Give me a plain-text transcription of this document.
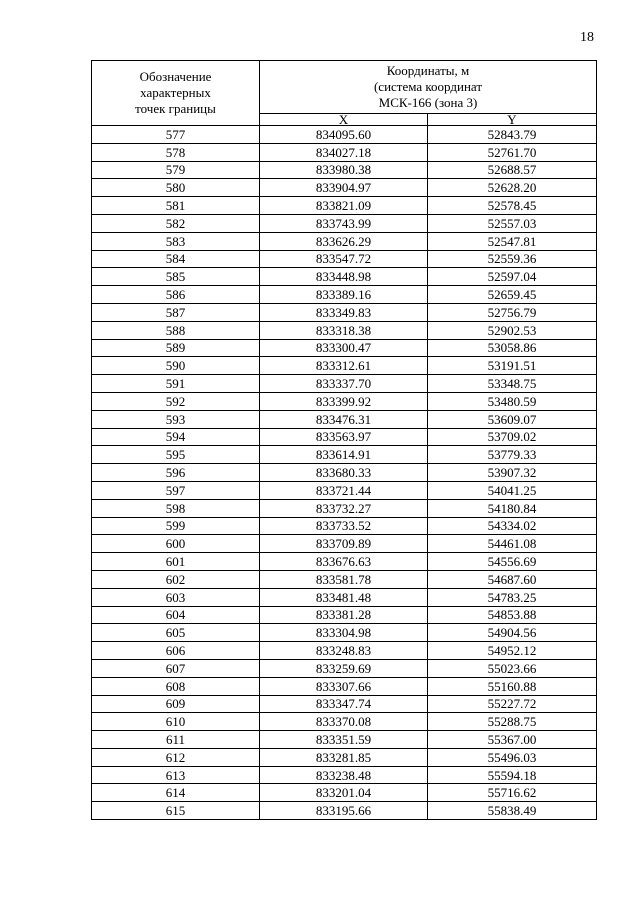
18
Обозначение
характерных
точек границы	Координаты, м
(система координат
МСК-166 (зона 3)	

	X	Y
577	834095.60	52843.79
578	834027.18	52761.70
579	833980.38	52688.57
580	833904.97	52628.20
581	833821.09	52578.45
582	833743.99	52557.03
583	833626.29	52547.81
584	833547.72	52559.36
585	833448.98	52597.04
586	833389.16	52659.45
587	833349.83	52756.79
588	833318.38	52902.53
589	833300.47	53058.86
590	833312.61	53191.51
591	833337.70	53348.75
592	833399.92	53480.59
593	833476.31	53609.07
594	833563.97	53709.02
595	833614.91	53779.33
596	833680.33	53907.32
597	833721.44	54041.25
598	833732.27	54180.84
599	833733.52	54334.02
600	833709.89	54461.08
601	833676.63	54556.69
602	833581.78	54687.60
603	833481.48	54783.25
604	833381.28	54853.88
605	833304.98	54904.56
606	833248.83	54952.12
607	833259.69	55023.66
608	833307.66	55160.88
609	833347.74	55227.72
610	833370.08	55288.75
611	833351.59	55367.00
612	833281.85	55496.03
613	833238.48	55594.18
614	833201.04	55716.62
615	833195.66	55838.49
